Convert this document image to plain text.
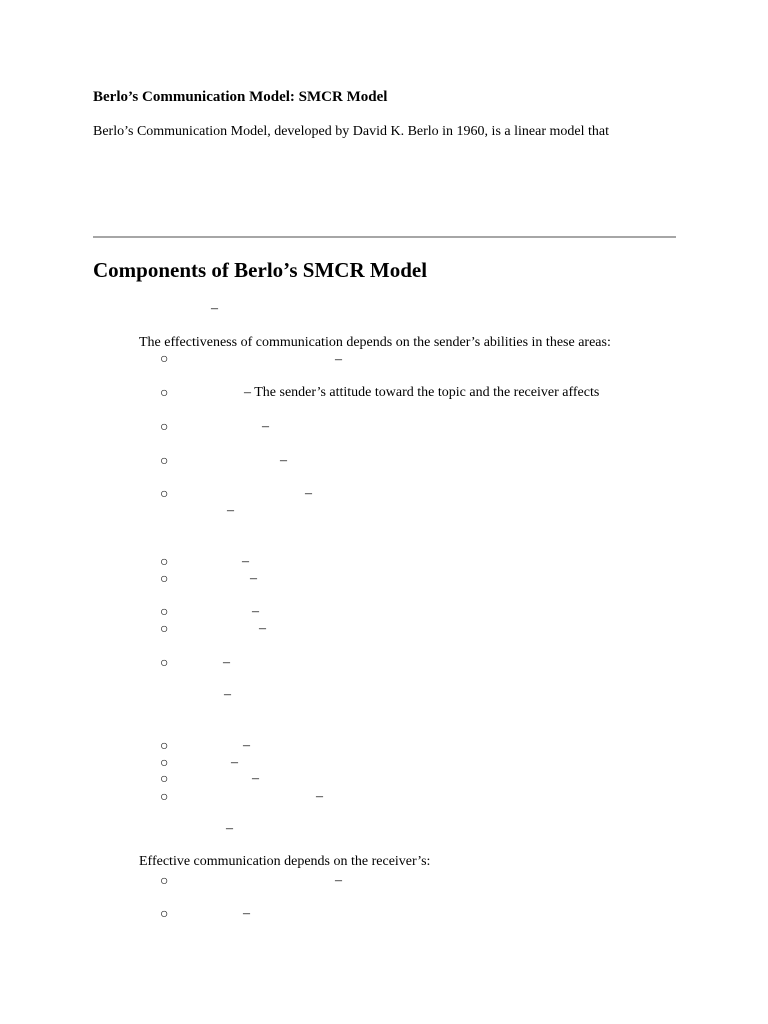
Berlo’s Communication Model: SMCR Model
Berlo’s Communication Model, developed by David K. Berlo in 1960, is a linear model that
Components of Berlo’s SMCR Model
–
The effectiveness of communication depends on the sender’s abilities in these areas:
○	–
○	– The sender’s attitude toward the topic and the receiver affects
○	–
○	–
○	–
–
○	–
○	–
○	–
○	–
○	–
–
○	–
○	–
○	–
○	–
–
Effective communication depends on the receiver’s:
○	–
○	–
